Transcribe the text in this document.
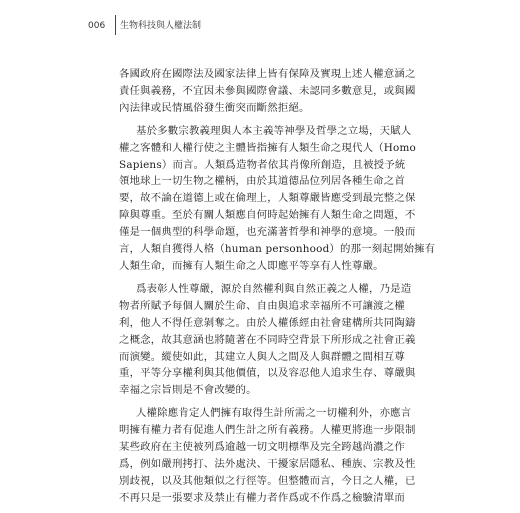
006 生物科技與人權法制
各國政府在國際法及國家法律上皆有保障及實現上述人權意涵之
責任與義務，不宜因未參與國際會議、未認同多數意見，或與國
內法律或民情風俗發生衝突而斷然拒絕。
基於多數宗教義理與人本主義等神學及哲學之立場，天賦人
權之客體和人權行使之主體皆指擁有人類生命之現代人（Homo
Sapiens）而言。人類爲造物者依其肖像所創造，且被授予統
領地球上一切生物之權柄，由於其道德品位列居各種生命之首
要，故不論在道德上或在倫理上，人類尊嚴皆應受到最完整之保
障與尊重。至於有關人類應自何時起始擁有人類生命之問題，不
僅是一個典型的科學命題，也充滿著哲學和神學的意境。一般而
言，人類自獲得人格（human personhood）的那一刻起開始擁有
人類生命，而擁有人類生命之人即應平等享有人性尊嚴。
爲表彰人性尊嚴，源於自然權利與自然正義之人權，乃是造
物者所賦予每個人關於生命、自由與追求幸福所不可讓渡之權
利，他人不得任意剝奪之。由於人權係經由社會建構所共同陶鑄
之概念，故其意涵也將隨著在不同時空背景下所形成之社會正義
而演變。縱使如此，其建立人與人之間及人與群體之間相互尊
重，平等分享權利與其他價值，以及容忍他人追求生存、尊嚴與
幸福之宗旨則是不會改變的。
人權除應肯定人們擁有取得生計所需之一切權利外，亦應言
明擁有權力者有促進人們生計之所有義務。人權更將進一步限制
某些政府在主使被列爲逾越一切文明標準及完全跨越尚濃之作
爲，例如嚴刑拷打、法外處決、干擾家居隱私、種族、宗教及性
別歧視，以及其他類似之行徑等。但整體而言，今日之人權，已
不再只是一張要求及禁止有權力者作爲或不作爲之檢驗清單而
